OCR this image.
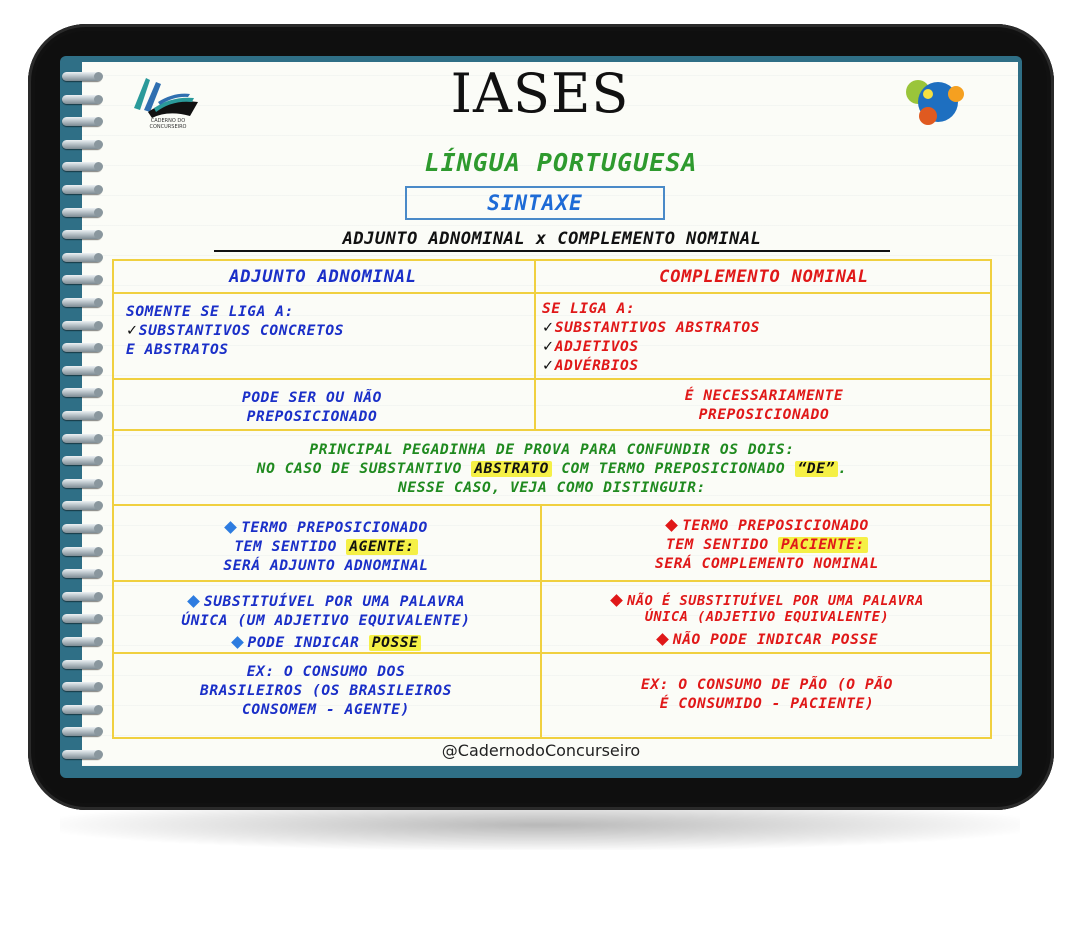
CADERNO DO CONCURSEIRO
IASES
LÍNGUA PORTUGUESA
SINTAXE
ADJUNTO ADNOMINAL x COMPLEMENTO NOMINAL
ADJUNTO ADNOMINAL	COMPLEMENTO NOMINAL
SOMENTE SE LIGA A:
✓SUBSTANTIVOS CONCRETOS
E ABSTRATOS
SE LIGA A:
✓SUBSTANTIVOS ABSTRATOS
✓ADJETIVOS
✓ADVÉRBIOS
PODE SER OU NÃO
PREPOSICIONADO
É NECESSARIAMENTE
PREPOSICIONADO
PRINCIPAL PEGADINHA DE PROVA PARA CONFUNDIR OS DOIS:
NO CASO DE SUBSTANTIVO ABSTRATO COM TERMO PREPOSICIONADO “DE” .
NESSE CASO, VEJA COMO DISTINGUIR:
TERMO PREPOSICIONADO
TEM SENTIDO AGENTE:
SERÁ ADJUNTO ADNOMINAL
TERMO PREPOSICIONADO
TEM SENTIDO PACIENTE:
SERÁ COMPLEMENTO NOMINAL
SUBSTITUÍVEL POR UMA PALAVRA
ÚNICA (UM ADJETIVO EQUIVALENTE)
PODE INDICAR POSSE
NÃO É SUBSTITUÍVEL POR UMA PALAVRA
ÚNICA (ADJETIVO EQUIVALENTE)
NÃO PODE INDICAR POSSE
EX: O CONSUMO DOS
BRASILEIROS (OS BRASILEIROS
CONSOMEM - AGENTE)
EX: O CONSUMO DE PÃO (O PÃO
É CONSUMIDO - PACIENTE)
@CadernodoConcurseiro
